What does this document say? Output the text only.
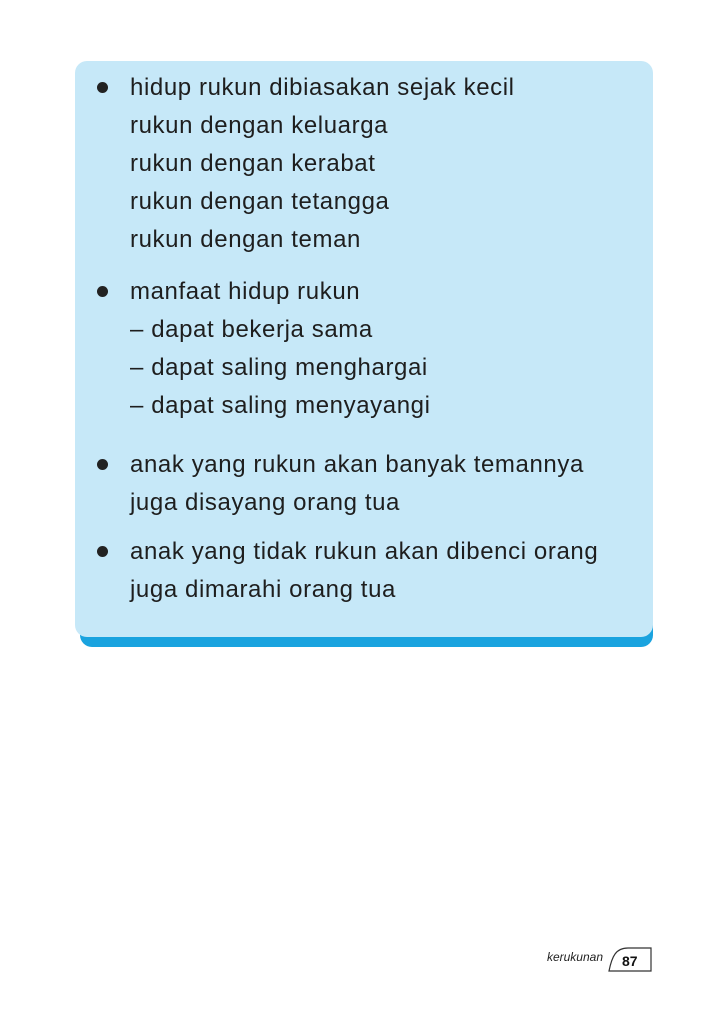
hidup rukun dibiasakan sejak kecil
rukun dengan keluarga
rukun dengan kerabat
rukun dengan tetangga
rukun dengan teman
manfaat hidup rukun
– dapat bekerja sama
– dapat saling menghargai
– dapat saling menyayangi
anak yang rukun akan banyak temannya
juga disayang orang tua
anak yang tidak rukun akan dibenci orang
juga dimarahi orang tua
kerukunan 87
